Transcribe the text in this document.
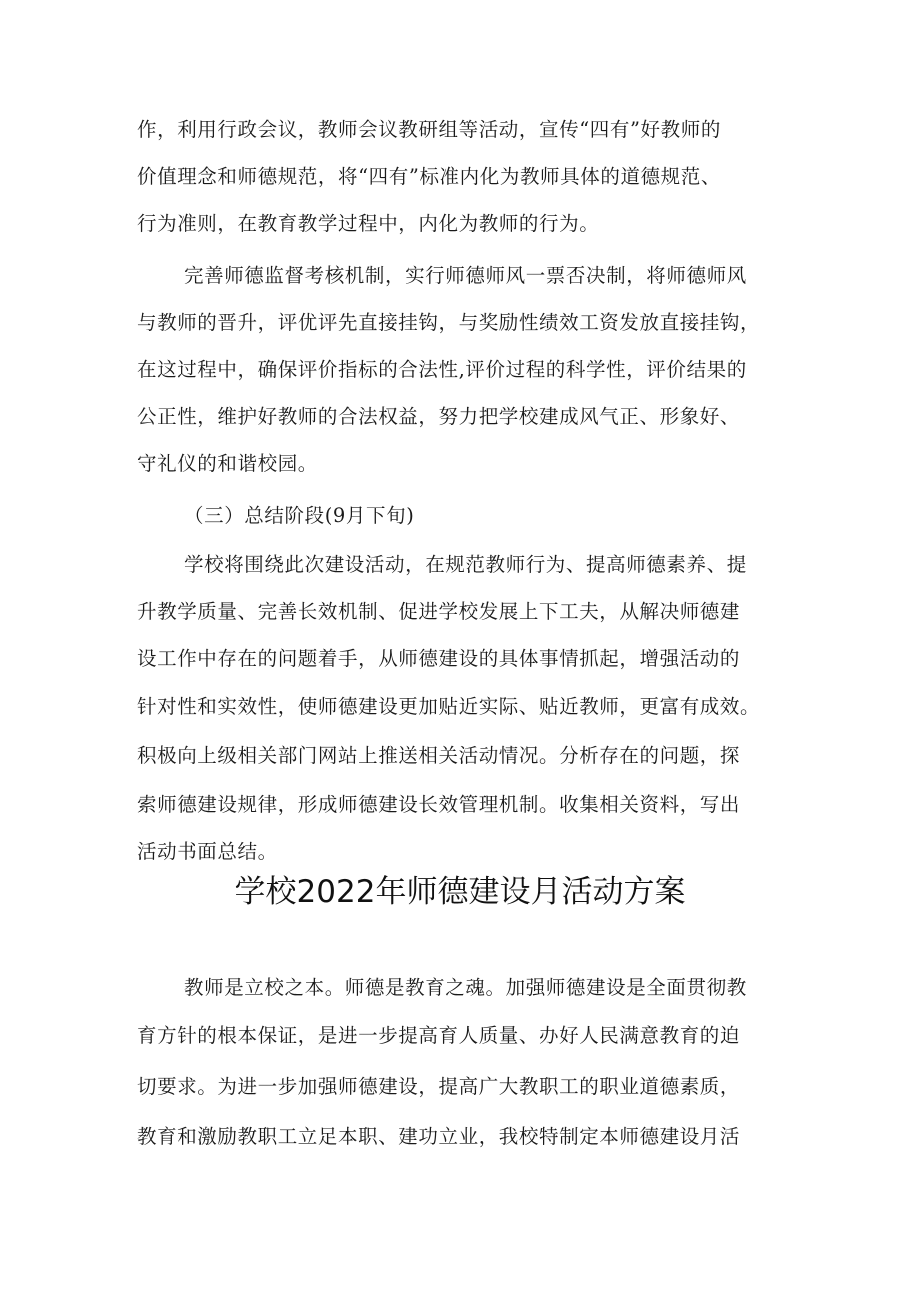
作，利用行政会议，教师会议教研组等活动，宣传“四有”好教师的
价值理念和师德规范，将“四有”标准内化为教师具体的道德规范、
行为准则，在教育教学过程中，内化为教师的行为。
完善师德监督考核机制，实行师德师风一票否决制，将师德师风
与教师的晋升，评优评先直接挂钩，与奖励性绩效工资发放直接挂钩，
在这过程中，确保评价指标的合法性,评价过程的科学性，评价结果的
公正性，维护好教师的合法权益，努力把学校建成风气正、形象好、
守礼仪的和谐校园。
（三）总结阶段(9月下旬)
学校将围绕此次建设活动，在规范教师行为、提高师德素养、提
升教学质量、完善长效机制、促进学校发展上下工夫，从解决师德建
设工作中存在的问题着手，从师德建设的具体事情抓起，增强活动的
针对性和实效性，使师德建设更加贴近实际、贴近教师，更富有成效。
积极向上级相关部门网站上推送相关活动情况。分析存在的问题，探
索师德建设规律，形成师德建设长效管理机制。收集相关资料，写出
活动书面总结。
学校2022年师德建设月活动方案
教师是立校之本。师德是教育之魂。加强师德建设是全面贯彻教
育方针的根本保证，是进一步提高育人质量、办好人民满意教育的迫
切要求。为进一步加强师德建设，提高广大教职工的职业道德素质，
教育和激励教职工立足本职、建功立业，我校特制定本师德建设月活
